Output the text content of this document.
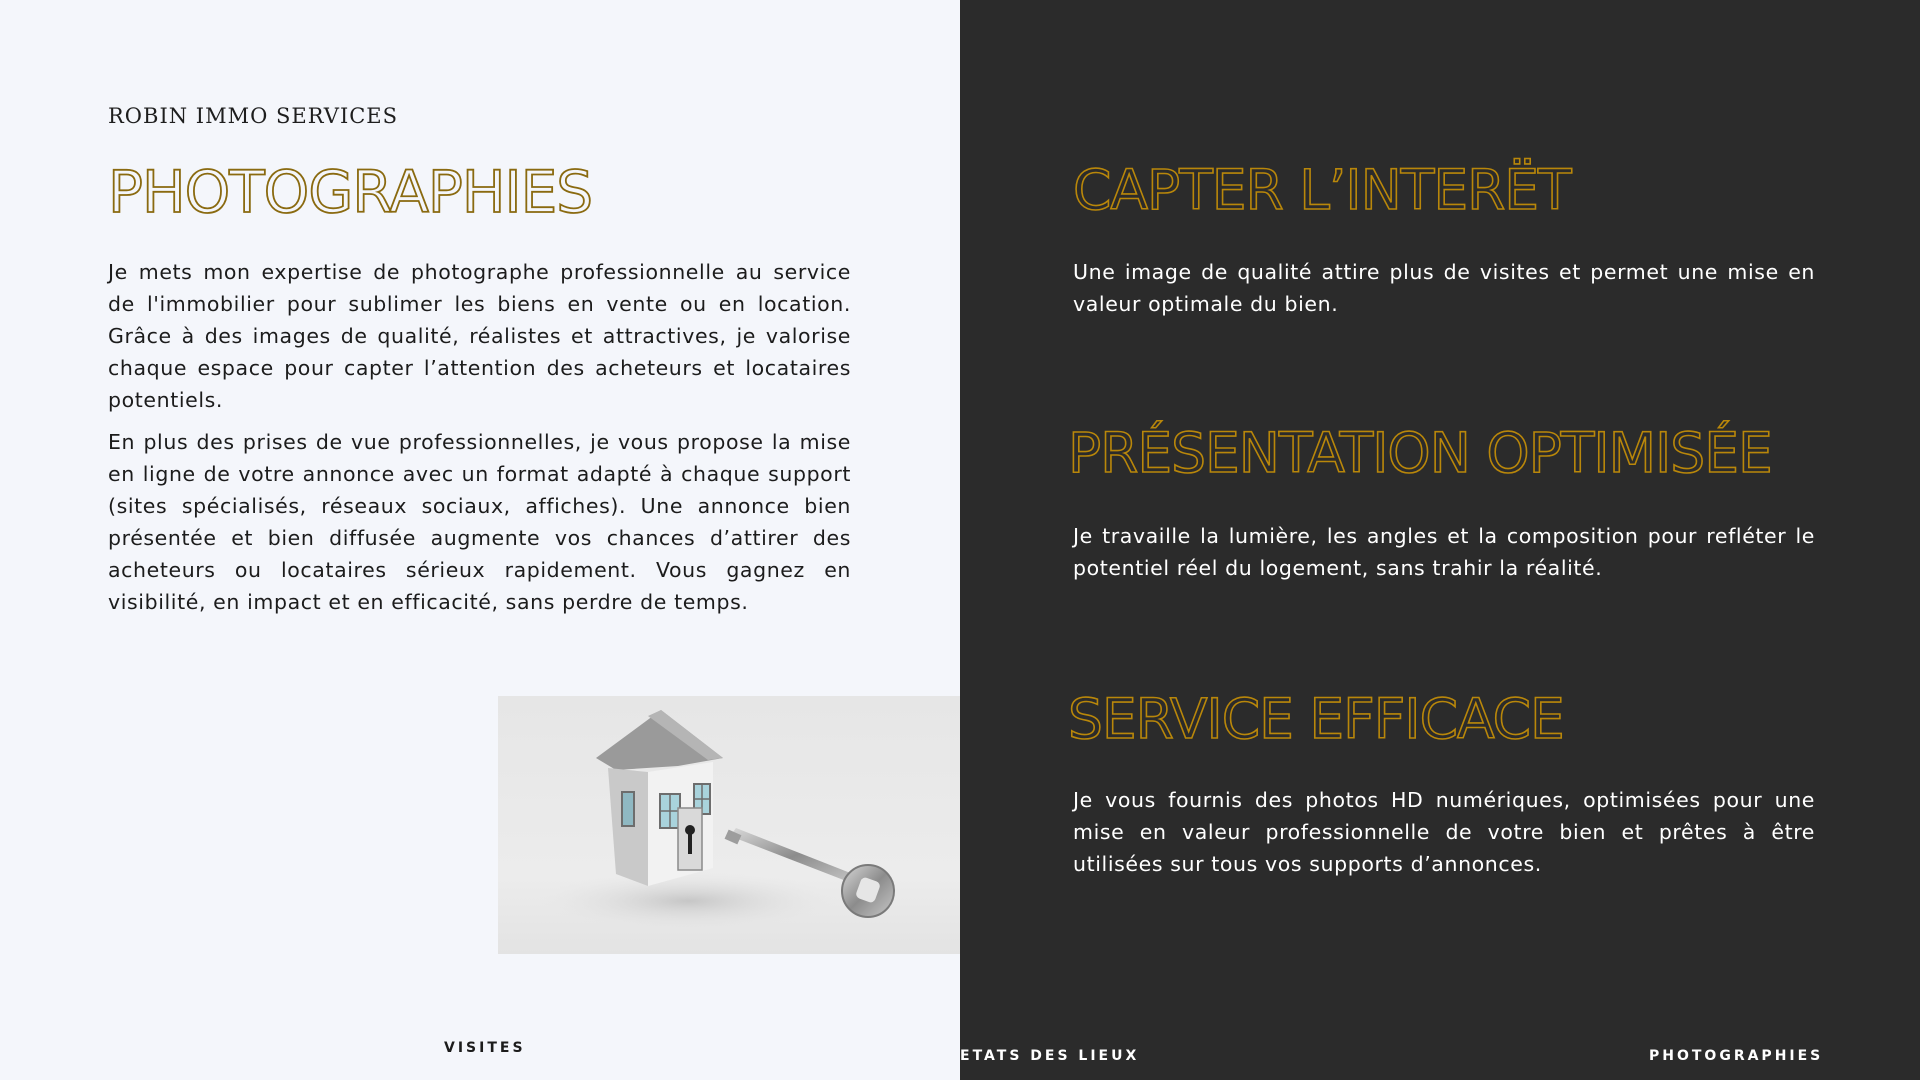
ROBIN IMMO SERVICES
PHOTOGRAPHIES

Je mets mon expertise de photographe professionnelle au service de l'immobilier pour sublimer les biens en vente ou en location. Grâce à des images de qualité, réalistes et attractives, je valorise chaque espace pour capter l’attention des acheteurs et locataires potentiels.

En plus des prises de vue professionnelles, je vous propose la mise en ligne de votre annonce avec un format adapté à chaque support (sites spécialisés, réseaux sociaux, affiches). Une annonce bien présentée et bien diffusée augmente vos chances d’attirer des acheteurs ou locataires sérieux rapidement. Vous gagnez en visibilité, en impact et en efficacité, sans perdre de temps.

CAPTER L’INTERËT

Une image de qualité attire plus de visites et permet une mise en valeur optimale du bien.

PRÉSENTATION OPTIMISÉE

Je travaille la lumière, les angles et la composition pour refléter le potentiel réel du logement, sans trahir la réalité.

SERVICE EFFICACE

Je vous fournis des photos HD numériques, optimisées pour une mise en valeur professionnelle de votre bien et prêtes à être utilisées sur tous vos supports d’annonces.

VISITES	ETATS DES LIEUX	PHOTOGRAPHIES
